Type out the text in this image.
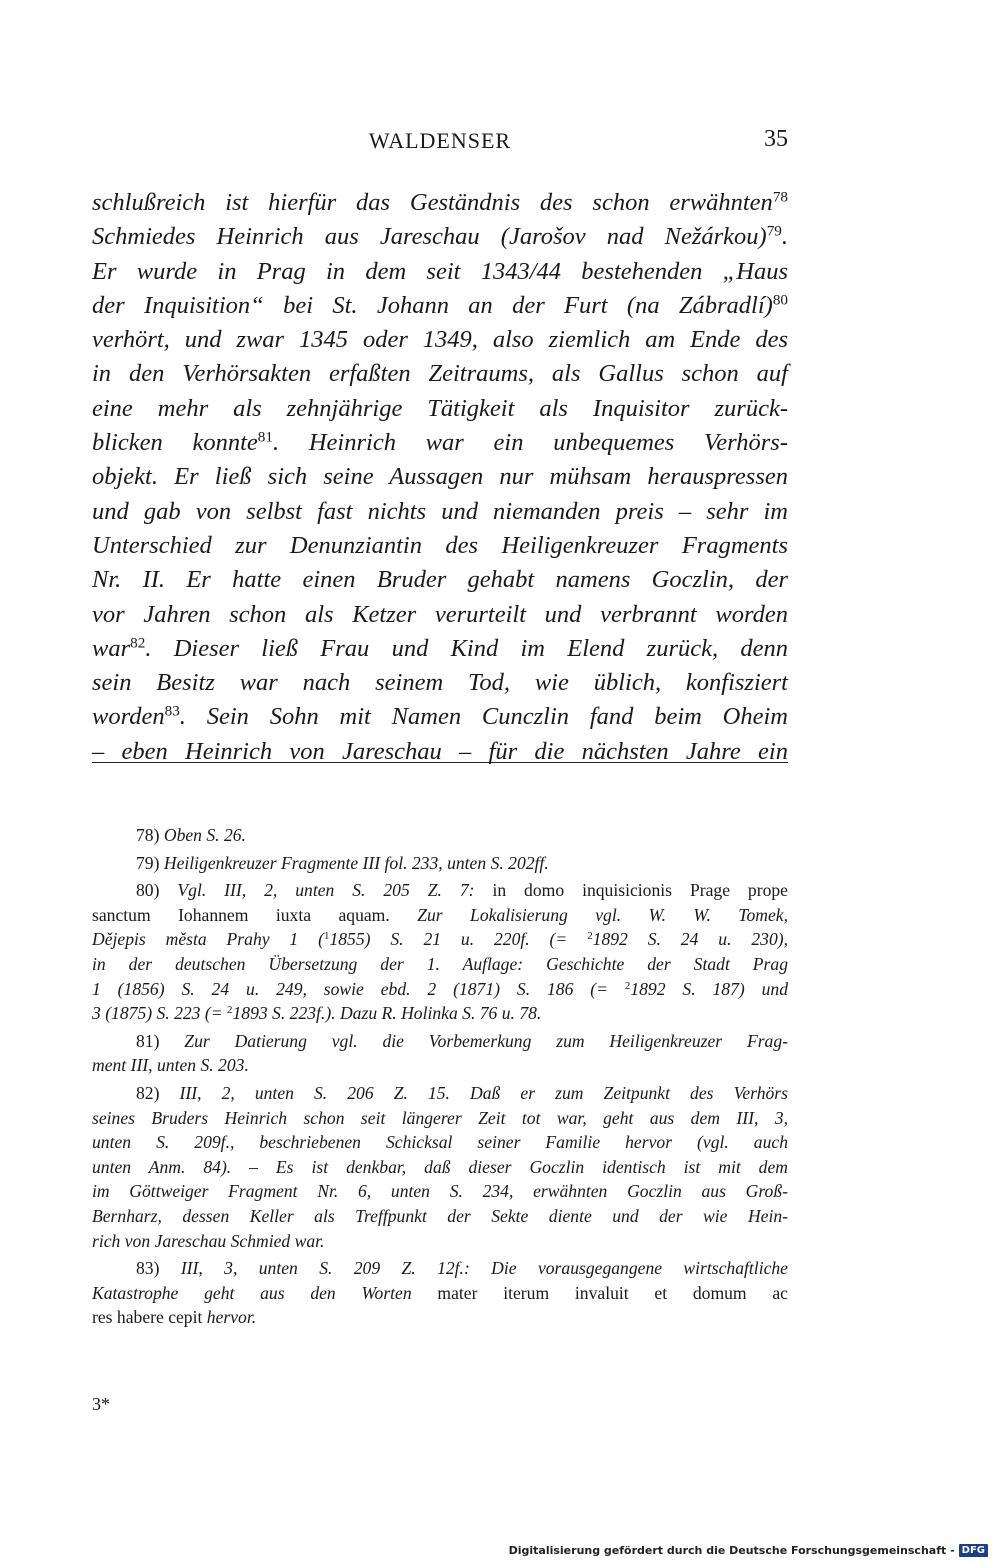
WALDENSER	35
schlußreich ist hierfür das Geständnis des schon erwähnten$^{78}$
Schmiedes Heinrich aus Jareschau (Jarošov nad Nežárkou)$^{79}$.
Er wurde in Prag in dem seit 1343/44 bestehenden „Haus
der Inquisition“ bei St. Johann an der Furt (na Zábradlí)$^{80}$
verhört, und zwar 1345 oder 1349, also ziemlich am Ende des
in den Verhörsakten erfaßten Zeitraums, als Gallus schon auf
eine mehr als zehnjährige Tätigkeit als Inquisitor zurück-
blicken konnte$^{81}$. Heinrich war ein unbequemes Verhörs-
objekt. Er ließ sich seine Aussagen nur mühsam herauspressen
und gab von selbst fast nichts und niemanden preis – sehr im
Unterschied zur Denunziantin des Heiligenkreuzer Fragments
Nr. II. Er hatte einen Bruder gehabt namens Goczlin, der
vor Jahren schon als Ketzer verurteilt und verbrannt worden
war$^{82}$. Dieser ließ Frau und Kind im Elend zurück, denn
sein Besitz war nach seinem Tod, wie üblich, konfisziert
worden$^{83}$. Sein Sohn mit Namen Cunczlin fand beim Oheim
– eben Heinrich von Jareschau – für die nächsten Jahre ein
78) Oben S. 26.
79) Heiligenkreuzer Fragmente III fol. 233, unten S. 202ff.
80) Vgl. III, 2, unten S. 205 Z. 7: in domo inquisicionis Prage prope
sanctum Iohannem iuxta aquam. Zur Lokalisierung vgl. W. W. Tomek,
Dějepis města Prahy 1 ($^1$1855) S. 21 u. 220f. (= $^2$1892 S. 24 u. 230),
in der deutschen Übersetzung der 1. Auflage: Geschichte der Stadt Prag
1 (1856) S. 24 u. 249, sowie ebd. 2 (1871) S. 186 (= $^2$1892 S. 187) und
3 (1875) S. 223 (= $^2$1893 S. 223f.). Dazu R. Holinka S. 76 u. 78.
81) Zur Datierung vgl. die Vorbemerkung zum Heiligenkreuzer Frag-
ment III, unten S. 203.
82) III, 2, unten S. 206 Z. 15. Daß er zum Zeitpunkt des Verhörs
seines Bruders Heinrich schon seit längerer Zeit tot war, geht aus dem III, 3,
unten S. 209f., beschriebenen Schicksal seiner Familie hervor (vgl. auch
unten Anm. 84). – Es ist denkbar, daß dieser Goczlin identisch ist mit dem
im Göttweiger Fragment Nr. 6, unten S. 234, erwähnten Goczlin aus Groß-
Bernharz, dessen Keller als Treffpunkt der Sekte diente und der wie Hein-
rich von Jareschau Schmied war.
83) III, 3, unten S. 209 Z. 12f.: Die vorausgegangene wirtschaftliche
Katastrophe geht aus den Worten mater iterum invaluit et domum ac
res habere cepit hervor.
3*
Digitalisierung gefördert durch die Deutsche Forschungsgemeinschaft - DFG
